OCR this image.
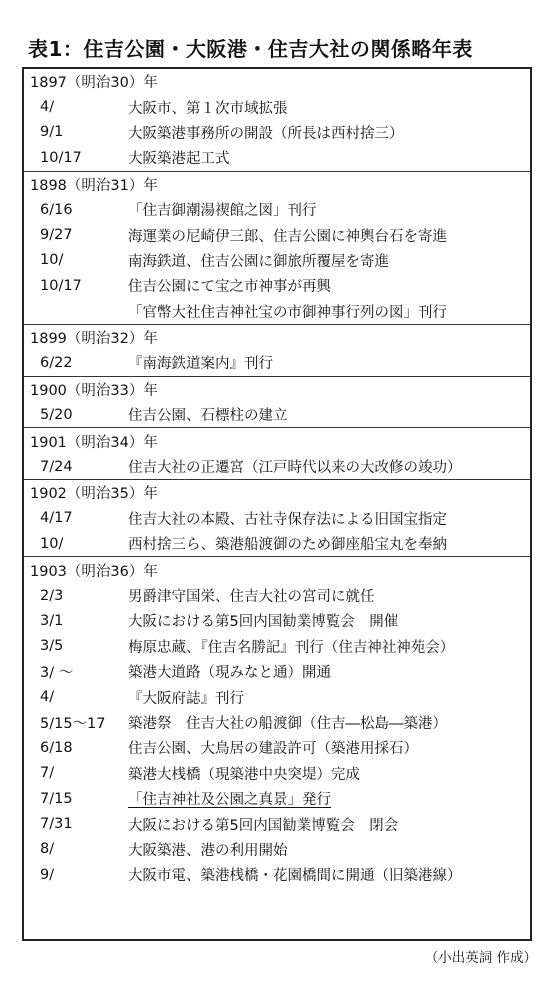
表1：住吉公園・大阪港・住吉大社の関係略年表
1897（明治30）年
4/	大阪市、第１次市域拡張
9/1	大阪築港事務所の開設（所長は西村捨三）
10/17	大阪築港起工式
1898（明治31）年
6/16	「住吉御潮湯禊館之図」刊行
9/27	海運業の尼崎伊三郎、住吉公園に神輿台石を寄進
10/	南海鉄道、住吉公園に御旅所覆屋を寄進
10/17	住吉公園にて宝之市神事が再興
「官幣大社住吉神社宝の市御神事行列の図」刊行
1899（明治32）年
6/22	『南海鉄道案内』刊行
1900（明治33）年
5/20	住吉公園、石標柱の建立
1901（明治34）年
7/24	住吉大社の正遷宮（江戸時代以来の大改修の竣功）
1902（明治35）年
4/17	住吉大社の本殿、古社寺保存法による旧国宝指定
10/	西村捨三ら、築港船渡御のため御座船宝丸を奉納
1903（明治36）年
2/3	男爵津守国栄、住吉大社の宮司に就任
3/1	大阪における第5回内国勧業博覧会　開催
3/5	梅原忠蔵、『住吉名勝記』刊行（住吉神社神苑会）
3/ ～	築港大道路（現みなと通）開通
4/	『大阪府誌』刊行
5/15～17	築港祭　住吉大社の船渡御（住吉―松島―築港）
6/18	住吉公園、大鳥居の建設許可（築港用採石）
7/	築港大桟橋（現築港中央突堤）完成
7/15	「住吉神社及公園之真景」発行
7/31	大阪における第5回内国勧業博覧会　閉会
8/	大阪築港、港の利用開始
9/	大阪市電、築港桟橋・花園橋間に開通（旧築港線）
（小出英詞 作成）
